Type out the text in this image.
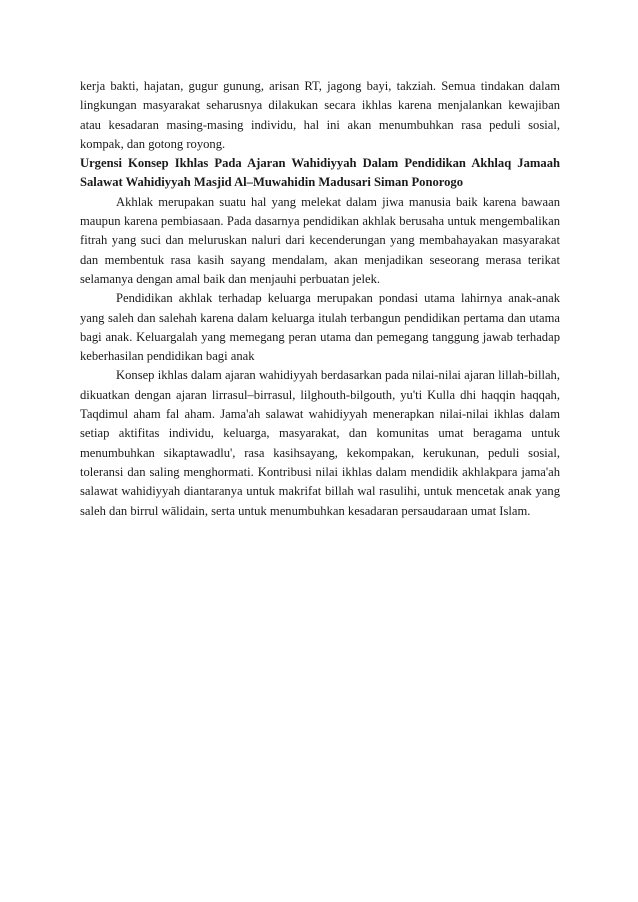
kerja bakti, hajatan, gugur gunung, arisan RT, jagong bayi, takziah. Semua tindakan dalam lingkungan masyarakat seharusnya dilakukan secara ikhlas karena menjalankan kewajiban atau kesadaran masing-masing individu, hal ini akan menumbuhkan rasa peduli sosial, kompak, dan gotong royong.

Urgensi Konsep Ikhlas Pada Ajaran Wahidiyyah Dalam Pendidikan Akhlaq Jamaah Salawat Wahidiyyah Masjid Al–Muwahidin Madusari Siman Ponorogo

Akhlak merupakan suatu hal yang melekat dalam jiwa manusia baik karena bawaan maupun karena pembiasaan. Pada dasarnya pendidikan akhlak berusaha untuk mengembalikan fitrah yang suci dan meluruskan naluri dari kecenderungan yang membahayakan masyarakat dan membentuk rasa kasih sayang mendalam, akan menjadikan seseorang merasa terikat selamanya dengan amal baik dan menjauhi perbuatan jelek.

Pendidikan akhlak terhadap keluarga merupakan pondasi utama lahirnya anak-anak yang saleh dan salehah karena dalam keluarga itulah terbangun pendidikan pertama dan utama bagi anak. Keluargalah yang memegang peran utama dan pemegang tanggung jawab terhadap keberhasilan pendidikan bagi anak

Konsep ikhlas dalam ajaran wahidiyyah berdasarkan pada nilai-nilai ajaran lillah-billah, dikuatkan dengan ajaran lirrasul–birrasul, lilghouth-bilgouth, yu'ti Kulla dhi haqqin haqqah, Taqdimul aham fal aham. Jama'ah salawat wahidiyyah menerapkan nilai-nilai ikhlas dalam setiap aktifitas individu, keluarga, masyarakat, dan komunitas umat beragama untuk menumbuhkan sikaptawadlu', rasa kasihsayang, kekompakan, kerukunan, peduli sosial, toleransi dan saling menghormati. Kontribusi nilai ikhlas dalam mendidik akhlakpara jama'ah salawat wahidiyyah diantaranya untuk makrifat billah wal rasulihi, untuk mencetak anak yang saleh dan birrul wālidain, serta untuk menumbuhkan kesadaran persaudaraan umat Islam.
